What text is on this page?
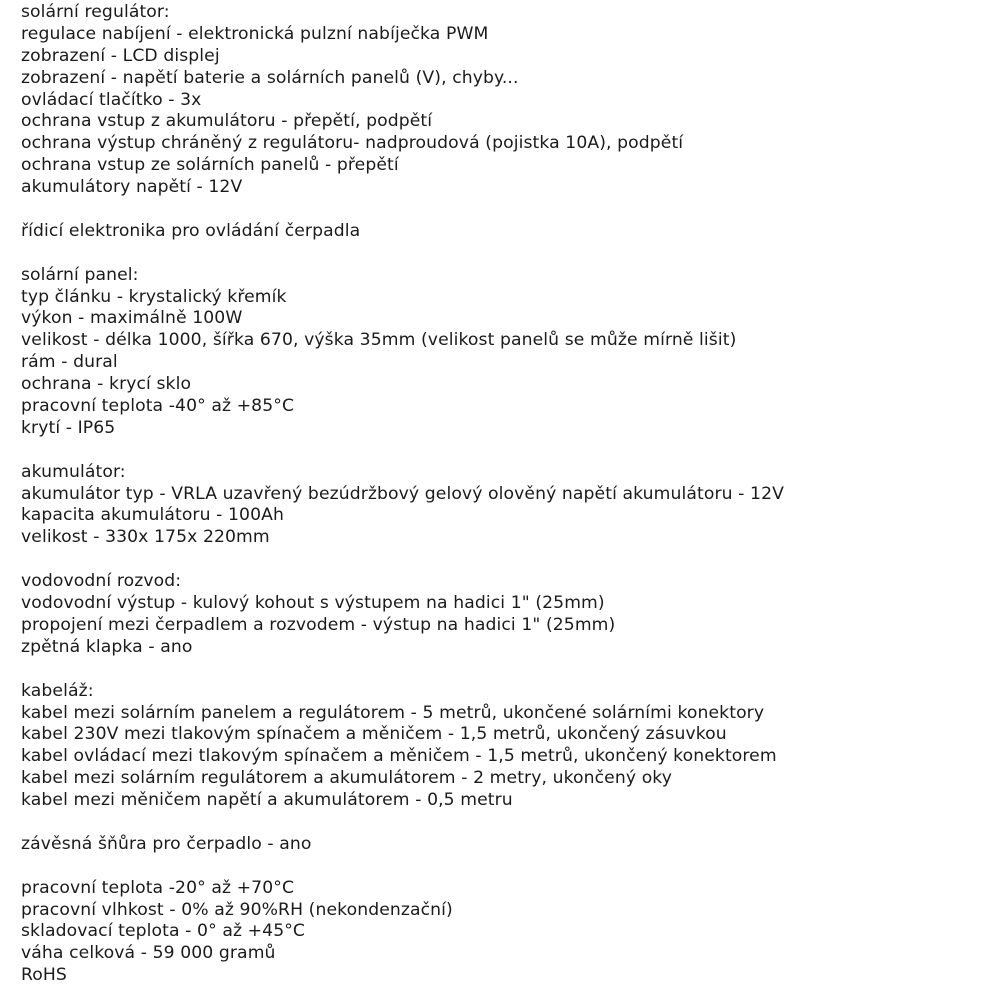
solární regulátor:
regulace nabíjení - elektronická pulzní nabíječka PWM
zobrazení - LCD displej
zobrazení - napětí baterie a solárních panelů (V), chyby...
ovládací tlačítko - 3x
ochrana vstup z akumulátoru - přepětí, podpětí
ochrana výstup chráněný z regulátoru- nadproudová (pojistka 10A), podpětí
ochrana vstup ze solárních panelů - přepětí
akumulátory napětí - 12V
řídicí elektronika pro ovládání čerpadla
solární panel:
typ článku - krystalický křemík
výkon - maximálně 100W
velikost - délka 1000, šířka 670, výška 35mm (velikost panelů se může mírně lišit)
rám - dural
ochrana - krycí sklo
pracovní teplota -40° až +85°C
krytí - IP65
akumulátor:
akumulátor typ - VRLA uzavřený bezúdržbový gelový olověný napětí akumulátoru - 12V
kapacita akumulátoru - 100Ah
velikost - 330x 175x 220mm
vodovodní rozvod:
vodovodní výstup - kulový kohout s výstupem na hadici 1" (25mm)
propojení mezi čerpadlem a rozvodem - výstup na hadici 1" (25mm)
zpětná klapka - ano
kabeláž:
kabel mezi solárním panelem a regulátorem - 5 metrů, ukončené solárními konektory
kabel 230V mezi tlakovým spínačem a měničem - 1,5 metrů, ukončený zásuvkou
kabel ovládací mezi tlakovým spínačem a měničem - 1,5 metrů, ukončený konektorem
kabel mezi solárním regulátorem a akumulátorem - 2 metry, ukončený oky
kabel mezi měničem napětí a akumulátorem - 0,5 metru
závěsná šňůra pro čerpadlo - ano
pracovní teplota -20° až +70°C
pracovní vlhkost - 0% až 90%RH (nekondenzační)
skladovací teplota - 0° až +45°C
váha celková - 59 000 gramů
RoHS
